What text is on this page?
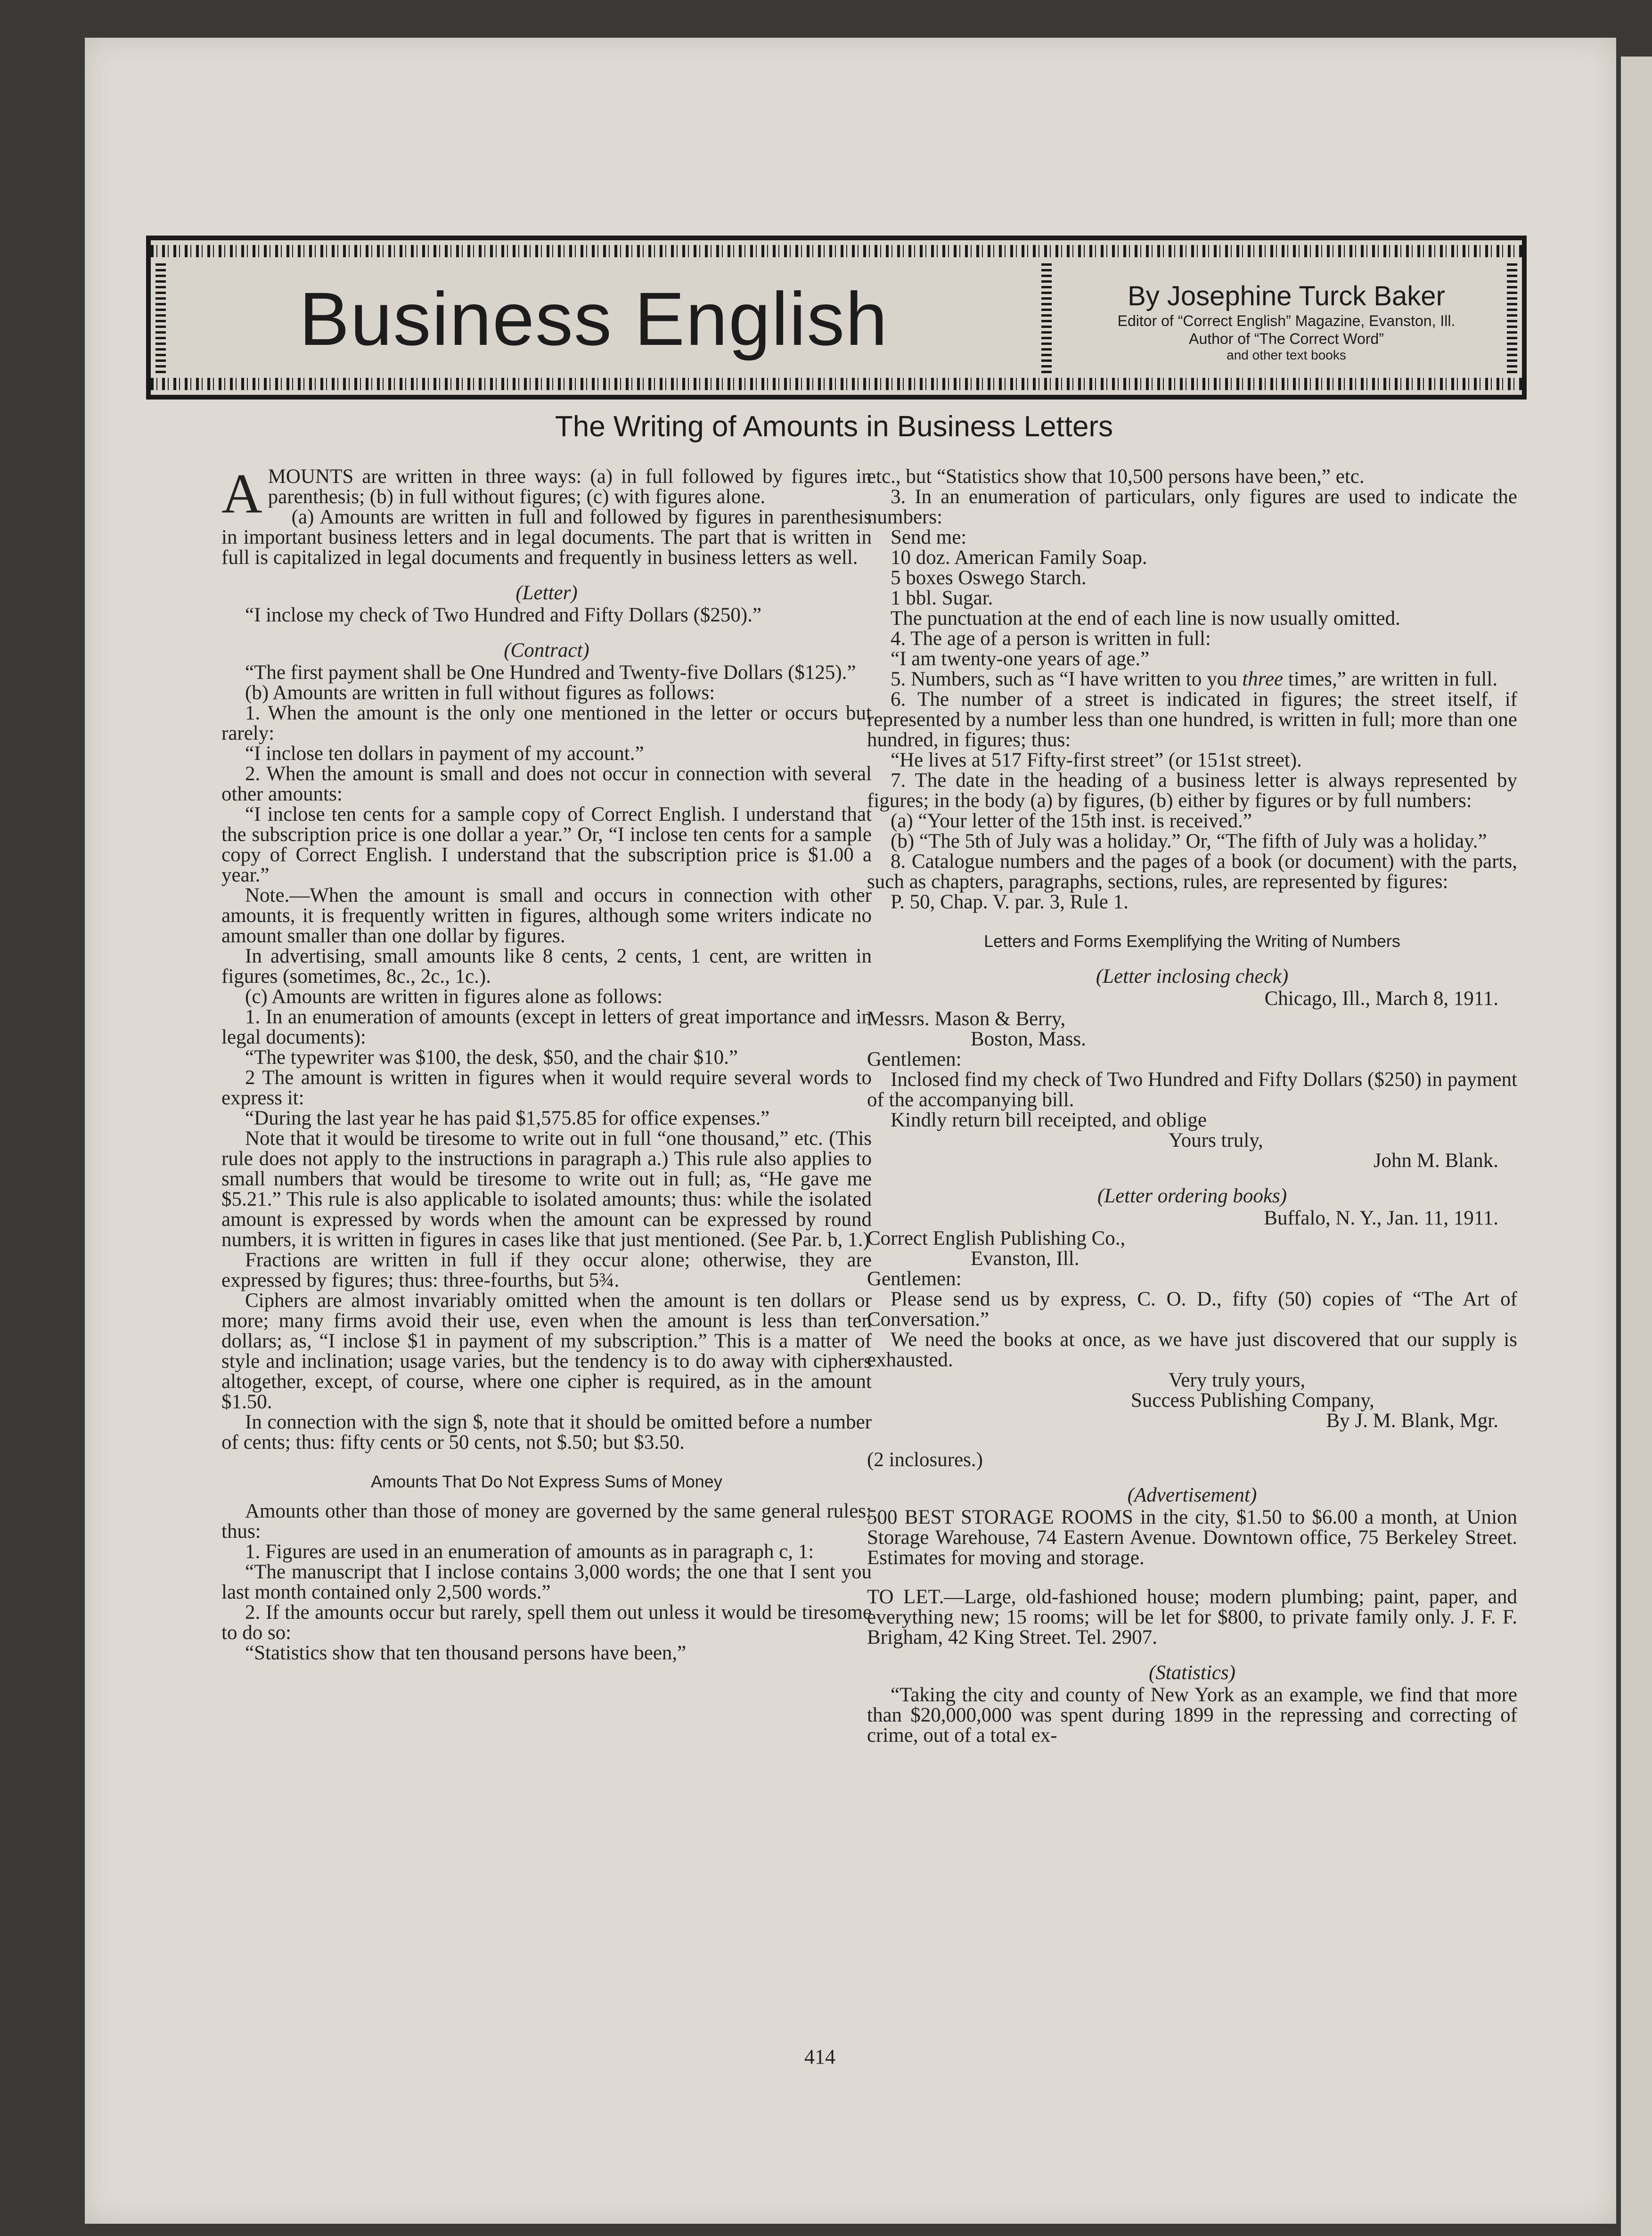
Business English	By Josephine Turck Baker
Editor of “Correct English” Magazine, Evanston, Ill.
Author of “The Correct Word”
and other text books
The Writing of Amounts in Business Letters

AMOUNTS are written in three ways: (a) in full followed by figures in parenthesis; (b) in full without figures; (c) with figures alone.

(a) Amounts are written in full and followed by figures in parenthesis in important business letters and in legal documents. The part that is written in full is capitalized in legal documents and frequently in business letters as well.

(Letter)

“I inclose my check of Two Hundred and Fifty Dollars ($250).”

(Contract)

“The first payment shall be One Hundred and Twenty-five Dollars ($125).”

(b) Amounts are written in full without figures as follows:

1. When the amount is the only one mentioned in the letter or occurs but rarely:

“I inclose ten dollars in payment of my account.”

2. When the amount is small and does not occur in connection with several other amounts:

“I inclose ten cents for a sample copy of Correct English. I understand that the subscription price is one dollar a year.” Or, “I inclose ten cents for a sample copy of Correct English. I understand that the subscription price is $1.00 a year.”

Note.—When the amount is small and occurs in connection with other amounts, it is frequently written in figures, although some writers indicate no amount smaller than one dollar by figures.

In advertising, small amounts like 8 cents, 2 cents, 1 cent, are written in figures (sometimes, 8c., 2c., 1c.).

(c) Amounts are written in figures alone as follows:

1. In an enumeration of amounts (except in letters of great importance and in legal documents):

“The typewriter was $100, the desk, $50, and the chair $10.”

2 The amount is written in figures when it would require several words to express it:

“During the last year he has paid $1,575.85 for office expenses.”

Note that it would be tiresome to write out in full “one thousand,” etc. (This rule does not apply to the instructions in paragraph a.) This rule also applies to small numbers that would be tiresome to write out in full; as, “He gave me $5.21.” This rule is also applicable to isolated amounts; thus: while the isolated amount is expressed by words when the amount can be expressed by round numbers, it is written in figures in cases like that just mentioned. (See Par. b, 1.)

Fractions are written in full if they occur alone; otherwise, they are expressed by figures; thus: three-fourths, but 5¾.

Ciphers are almost invariably omitted when the amount is ten dollars or more; many firms avoid their use, even when the amount is less than ten dollars; as, “I inclose $1 in payment of my subscription.” This is a matter of style and inclination; usage varies, but the tendency is to do away with ciphers altogether, except, of course, where one cipher is required, as in the amount $1.50.

In connection with the sign $, note that it should be omitted before a number of cents; thus: fifty cents or 50 cents, not $.50; but $3.50.

Amounts That Do Not Express Sums of Money

Amounts other than those of money are governed by the same general rules; thus:

1. Figures are used in an enumeration of amounts as in paragraph c, 1:

“The manuscript that I inclose contains 3,000 words; the one that I sent you last month contained only 2,500 words.”

2. If the amounts occur but rarely, spell them out unless it would be tiresome to do so:

“Statistics show that ten thousand persons have been,”

etc., but “Statistics show that 10,500 persons have been,” etc.

3. In an enumeration of particulars, only figures are used to indicate the numbers:

Send me:

10 doz. American Family Soap.

5 boxes Oswego Starch.

1 bbl. Sugar.

The punctuation at the end of each line is now usually omitted.

4. The age of a person is written in full:

“I am twenty-one years of age.”

5. Numbers, such as “I have written to you three times,” are written in full.

6. The number of a street is indicated in figures; the street itself, if represented by a number less than one hundred, is written in full; more than one hundred, in figures; thus:

“He lives at 517 Fifty-first street” (or 151st street).

7. The date in the heading of a business letter is always represented by figures; in the body (a) by figures, (b) either by figures or by full numbers:

(a) “Your letter of the 15th inst. is received.”

(b) “The 5th of July was a holiday.” Or, “The fifth of July was a holiday.”

8. Catalogue numbers and the pages of a book (or document) with the parts, such as chapters, paragraphs, sections, rules, are represented by figures:

P. 50, Chap. V. par. 3, Rule 1.

Letters and Forms Exemplifying the Writing of Numbers

(Letter inclosing check)

Chicago, Ill., March 8, 1911.

Messrs. Mason & Berry,

Boston, Mass.

Gentlemen:

Inclosed find my check of Two Hundred and Fifty Dollars ($250) in payment of the accompanying bill.

Kindly return bill receipted, and oblige

Yours truly,

John M. Blank.

(Letter ordering books)

Buffalo, N. Y., Jan. 11, 1911.

Correct English Publishing Co.,

Evanston, Ill.

Gentlemen:

Please send us by express, C. O. D., fifty (50) copies of “The Art of Conversation.”

We need the books at once, as we have just discovered that our supply is exhausted.

Very truly yours,

Success Publishing Company,

By J. M. Blank, Mgr.

(2 inclosures.)

(Advertisement)

500 BEST STORAGE ROOMS in the city, $1.50 to $6.00 a month, at Union Storage Warehouse, 74 Eastern Avenue. Downtown office, 75 Berkeley Street. Estimates for moving and storage.

TO LET.—Large, old-fashioned house; modern plumbing; paint, paper, and everything new; 15 rooms; will be let for $800, to private family only. J. F. F. Brigham, 42 King Street. Tel. 2907.

(Statistics)

“Taking the city and county of New York as an example, we find that more than $20,000,000 was spent during 1899 in the repressing and correcting of crime, out of a total ex-

414
